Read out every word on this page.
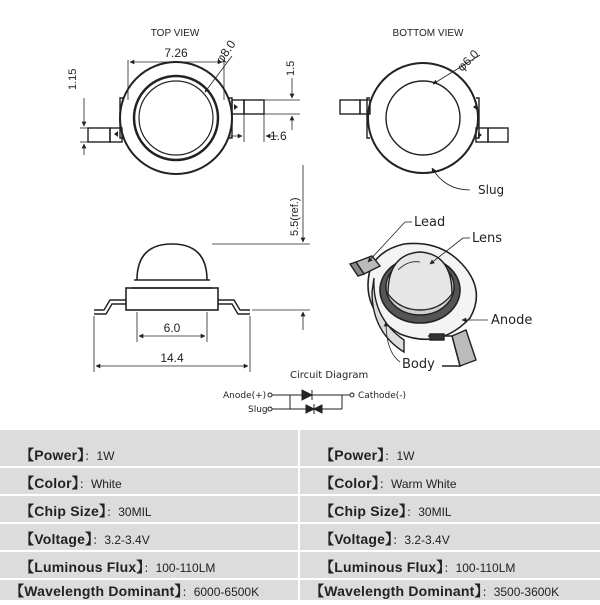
TOP VIEW
7.26 φ8.0
1.15
1.5
1.6
BOTTOM VIEW
φ6.0
Slug
5.5(ref.)
6.0
14.4
Lead
Lens
Anode
Body
Circuit Diagram
Anode(+)	Cathode(-)
Slug
【Power】：1W
【Color】：White
【Chip Size】：30MIL
【Voltage】：3.2-3.4V
【Luminous Flux】：100-110LM
【Wavelength Dominant】：6000-6500K
【Power】：1W
【Color】：Warm White
【Chip Size】：30MIL
【Voltage】：3.2-3.4V
【Luminous Flux】：100-110LM
【Wavelength Dominant】：3500-3600K
